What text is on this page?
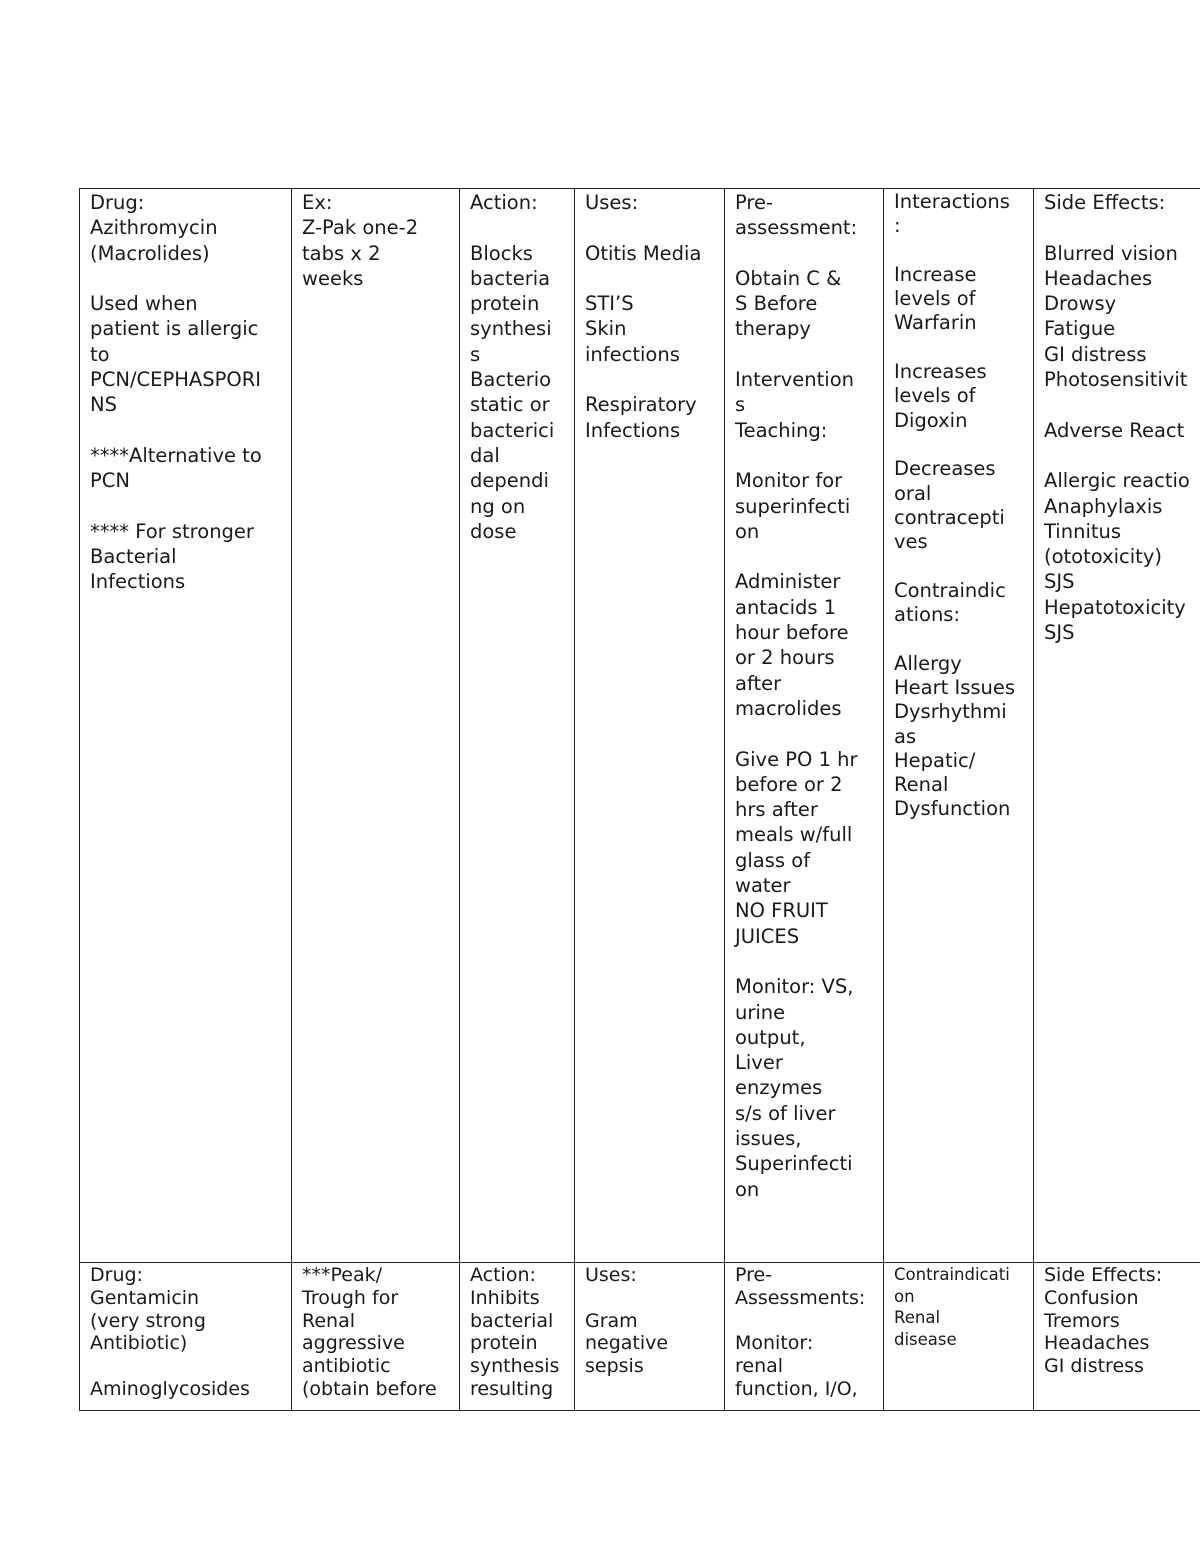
Drug:
Azithromycin
(Macrolides)

Used when
patient is allergic
to
PCN/CEPHASPORI
NS

****Alternative to
PCN

**** For stronger
Bacterial
Infections
Ex:
Z-Pak one-2
tabs x 2
weeks
Action:

Blocks
bacteria
protein
synthesi
s
Bacterio
static or
bacterici
dal
dependi
ng on
dose
Uses:

Otitis Media

STI’S
Skin
infections

Respiratory
Infections
Pre-
assessment:

Obtain C &
S Before
therapy

Intervention
s
Teaching:

Monitor for
superinfecti
on

Administer
antacids 1
hour before
or 2 hours
after
macrolides

Give PO 1 hr
before or 2
hrs after
meals w/full
glass of
water
NO FRUIT
JUICES

Monitor: VS,
urine
output,
Liver
enzymes
s/s of liver
issues,
Superinfecti
on
Interactions
:

Increase
levels of
Warfarin

Increases
levels of
Digoxin

Decreases
oral
contracepti
ves

Contraindic
ations:

Allergy
Heart Issues
Dysrhythmi
as
Hepatic/
Renal
Dysfunction
Side Effects:

Blurred vision
Headaches
Drowsy
Fatigue
GI distress
Photosensitivit

Adverse React

Allergic reactio
Anaphylaxis
Tinnitus
(ototoxicity)
SJS
Hepatotoxicity
SJS
Drug:
Gentamicin
(very strong
Antibiotic)

Aminoglycosides
***Peak/
Trough for
Renal
aggressive
antibiotic
(obtain before
Action:
Inhibits
bacterial
protein
synthesis
resulting
Uses:

Gram
negative
sepsis
Pre-
Assessments:

Monitor:
renal
function, I/O,
Contraindicati
on
Renal
disease
Side Effects:
Confusion
Tremors
Headaches
GI distress
